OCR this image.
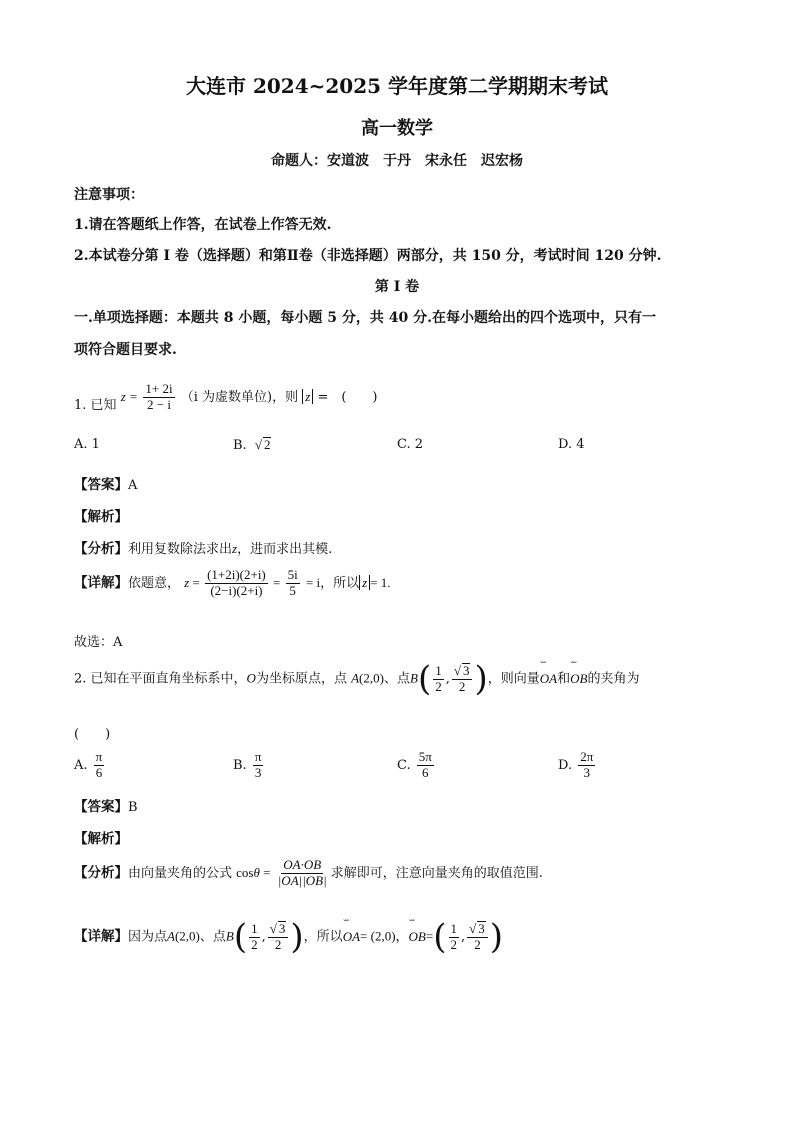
大连市 2024~2025 学年度第二学期期末考试
高一数学
命题人：安道波　于丹　宋永任　迟宏杨
注意事项：
1.请在答题纸上作答，在试卷上作答无效.
2.本试卷分第 I 卷（选择题）和第Ⅱ卷（非选择题）两部分，共 150 分，考试时间 120 分钟.
第 I 卷
一.单项选择题：本题共 8 小题，每小题 5 分，共 40 分.在每小题给出的四个选项中，只有一
项符合题目要求.
1. 已知 $z = \frac{1+ 2i}{2 - i} (i$ 为虚数单位)，则 z =　(　　)
A. 1	B. √ 2	C. 2	D. 4
【答案】A
【解析】
【分析】利用复数除法求出z，进而求出其模.
【详解】依题意， $z = \frac{(1+2i)(2+i)}{(2-i)(2+i)} = \frac{5i}{5} = i$，所以 z = 1.
故选：A
2. 已知在平面直角坐标系中，O为坐标原点，点 A(2,0)、点$B( \frac{1}{2}$ , $\frac{√ 3}{2}$ )，则向量˘˘˘ OA和˘˘˘ OB的夹角为
(　　)
A. $\frac{\pi}{6}$	B. $\frac{\pi}{3}$	C. $\frac{5\pi}{6}$	D. $\frac{2\pi}{3}$
【答案】B
【解析】
【分析】由向量夹角的公式 $\cos\theta = \frac{OA\cdot OB}{|OA||OB|}$ 求解即可，注意向量夹角的取值范围.
【详解】因为点A(2,0)、点$B( \frac{1}{2}$ , $\frac{√ 3}{2}$ )，所以˘˘˘ OA= (2,0)，˘˘˘ $OB=( \frac{1}{2}$ , $\frac{√ 3}{2}$ )
